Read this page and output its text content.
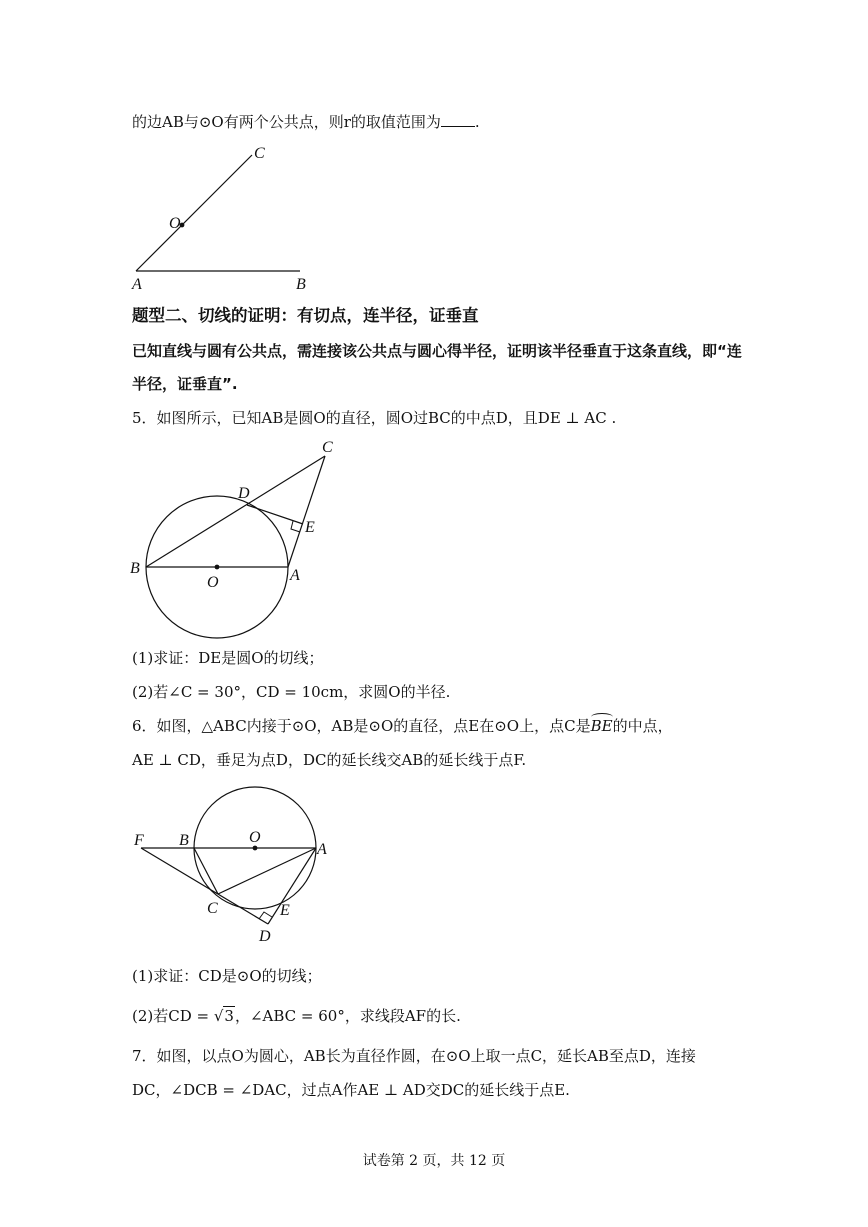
的边AB与⊙O有两个公共点，则r的取值范围为 .
C
O
A	B
题型二、切线的证明：有切点，连半径，证垂直
已知直线与圆有公共点，需连接该公共点与圆心得半径，证明该半径垂直于这条直线，即“连
半径，证垂直”.
5．如图所示，已知AB是圆O的直径，圆O过BC的中点D，且DE ⊥ AC .
C
D
E
B
O	A
(1)求证：DE是圆O的切线；
(2)若∠C = 30°，CD = 10cm，求圆O的半径.
6．如图，△ABC内接于⊙O，AB是⊙O的直径，点E在⊙O上，点C是BE的中点，
AE ⊥ CD，垂足为点D，DC的延长线交AB的延长线于点F.
F B	O
A
C	E
D
(1)求证：CD是⊙O的切线；
(2)若CD = √3，∠ABC = 60°，求线段AF的长.
7．如图，以点O为圆心，AB长为直径作圆，在⊙O上取一点C，延长AB至点D，连接
DC，∠DCB = ∠DAC，过点A作AE ⊥ AD交DC的延长线于点E.
试卷第 2 页，共 12 页
